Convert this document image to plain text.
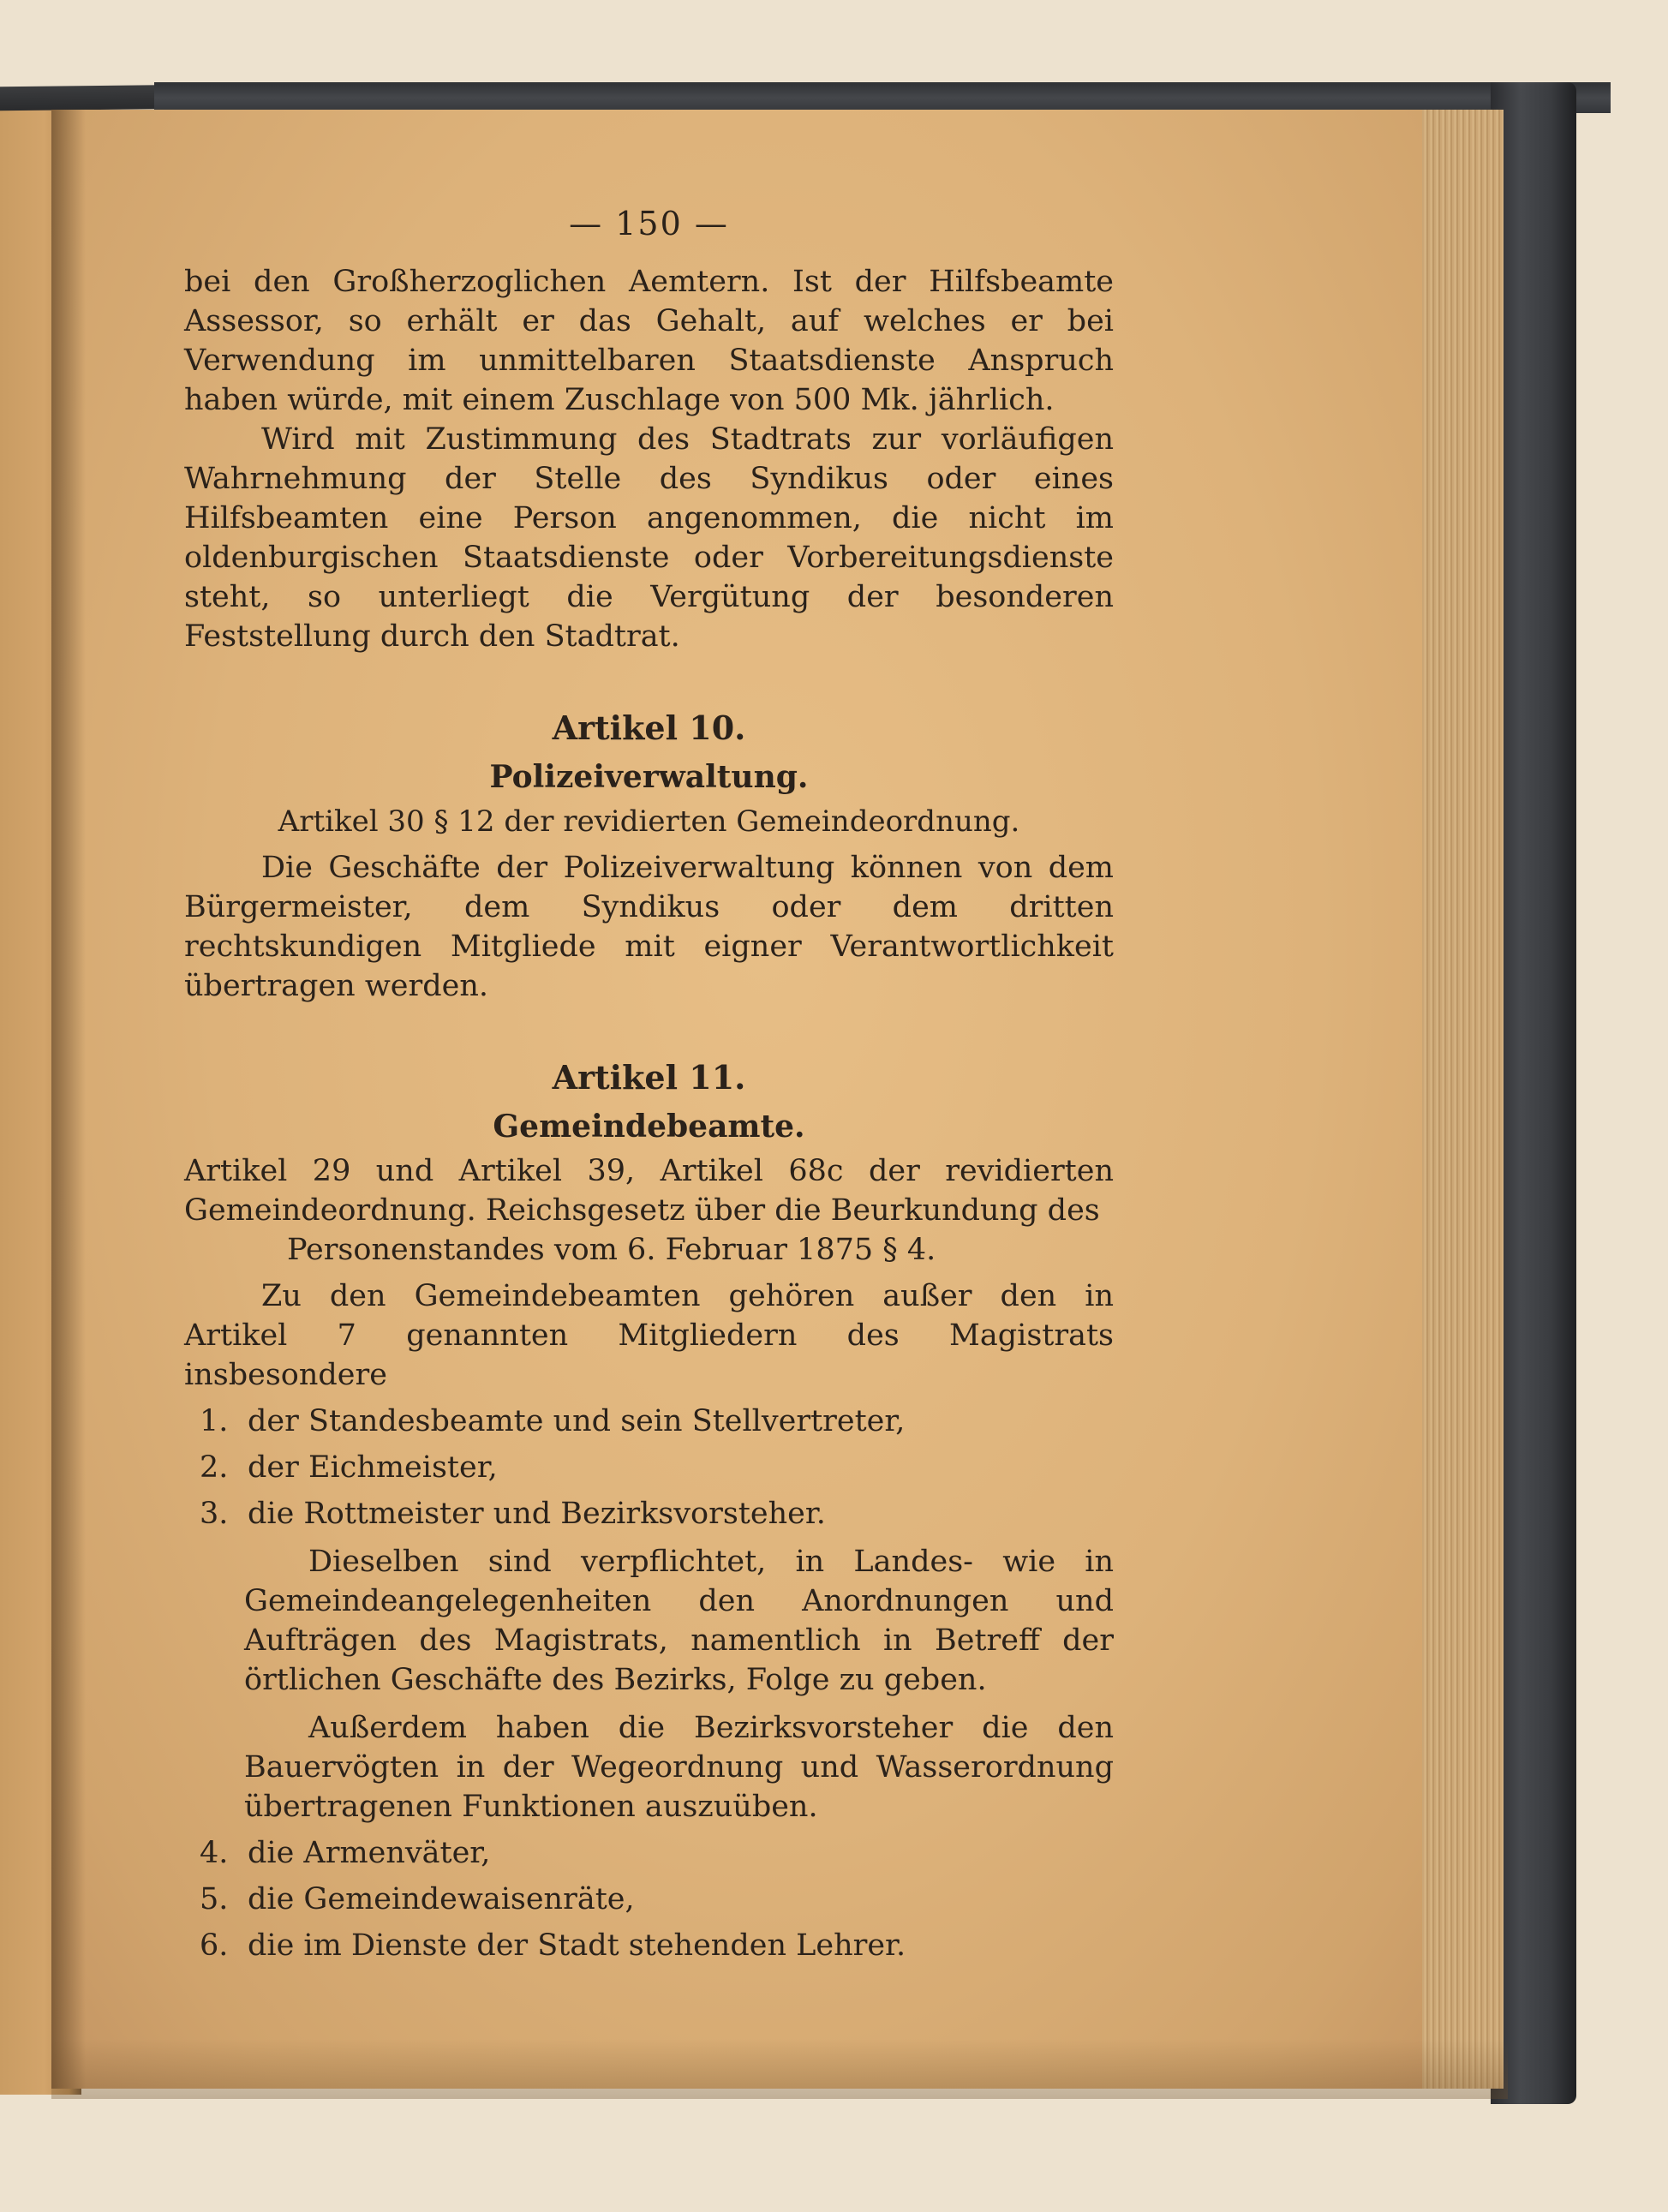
— 150 —

bei den Großherzoglichen Aemtern. Ist der Hilfsbeamte Assessor, so erhält er das Gehalt, auf welches er bei Verwendung im unmittelbaren Staatsdienste Anspruch haben würde, mit einem Zuschlage von 500 Mk. jährlich.

Wird mit Zustimmung des Stadtrats zur vorläufigen Wahrnehmung der Stelle des Syndikus oder eines Hilfsbeamten eine Person angenommen, die nicht im oldenburgischen Staatsdienste oder Vorbereitungsdienste steht, so unterliegt die Vergütung der besonderen Feststellung durch den Stadtrat.

Artikel 10.
Polizeiverwaltung.
Artikel 30 § 12 der revidierten Gemeindeordnung.

Die Geschäfte der Polizeiverwaltung können von dem Bürgermeister, dem Syndikus oder dem dritten rechtskundigen Mitgliede mit eigner Verantwortlichkeit übertragen werden.

Artikel 11.
Gemeindebeamte.

Artikel 29 und Artikel 39, Artikel 68c der revidierten Gemeindeordnung. Reichsgesetz über die Beurkundung des

Personenstandes vom 6. Februar 1875 § 4.

Zu den Gemeindebeamten gehören außer den in Artikel 7 genannten Mitgliedern des Magistrats insbesondere

1. der Standesbeamte und sein Stellvertreter,
2. der Eichmeister,
3. die Rottmeister und Bezirksvorsteher.

Dieselben sind verpflichtet, in Landes- wie in Gemeindeangelegenheiten den Anordnungen und Aufträgen des Magistrats, namentlich in Betreff der örtlichen Geschäfte des Bezirks, Folge zu geben.

Außerdem haben die Bezirksvorsteher die den Bauervögten in der Wegeordnung und Wasserordnung übertragenen Funktionen auszuüben.

4. die Armenväter,
5. die Gemeindewaisenräte,
6. die im Dienste der Stadt stehenden Lehrer.
